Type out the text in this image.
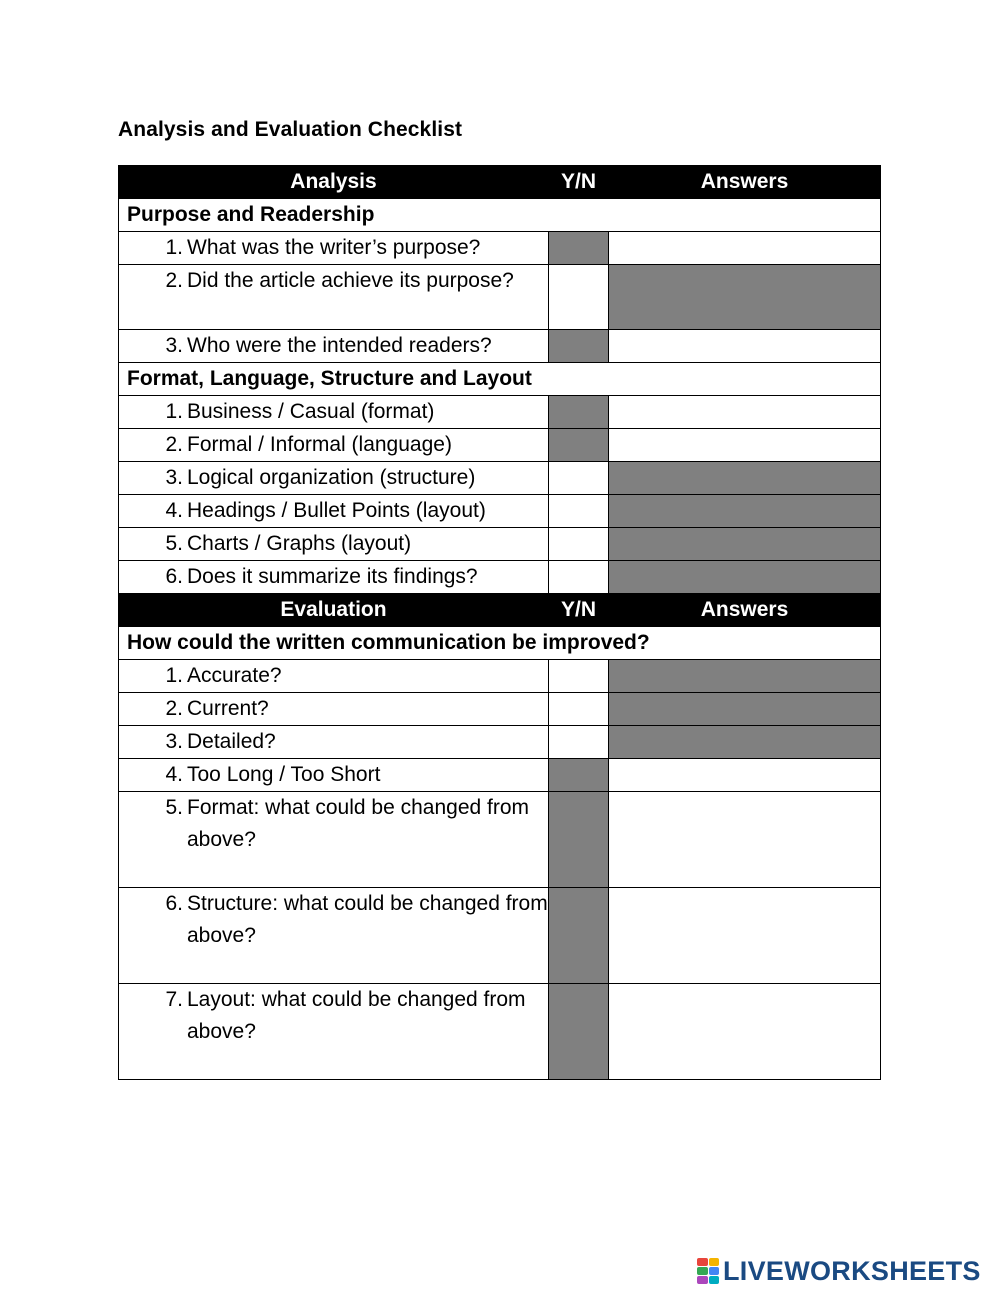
Analysis and Evaluation Checklist
Analysis	Y/N	Answers
Purpose and Readership		

1. What was the writer’s purpose?		

2. Did the article achieve its purpose?		

3. Who were the intended readers?		

Format, Language, Structure and Layout		

1. Business / Casual (format)		

2. Formal / Informal (language)		

3. Logical organization (structure)		

4. Headings / Bullet Points (layout)		

5. Charts / Graphs (layout)		

6. Does it summarize its findings?		

Evaluation	Y/N	Answers
How could the written communication be improved?		

1. Accurate?		

2. Current?		

3. Detailed?		

4. Too Long / Too Short		

5. Format: what could be changed from above?		

6. Structure: what could be changed from above?		

7. Layout: what could be changed from above?		

LIVEWORKSHEETS
